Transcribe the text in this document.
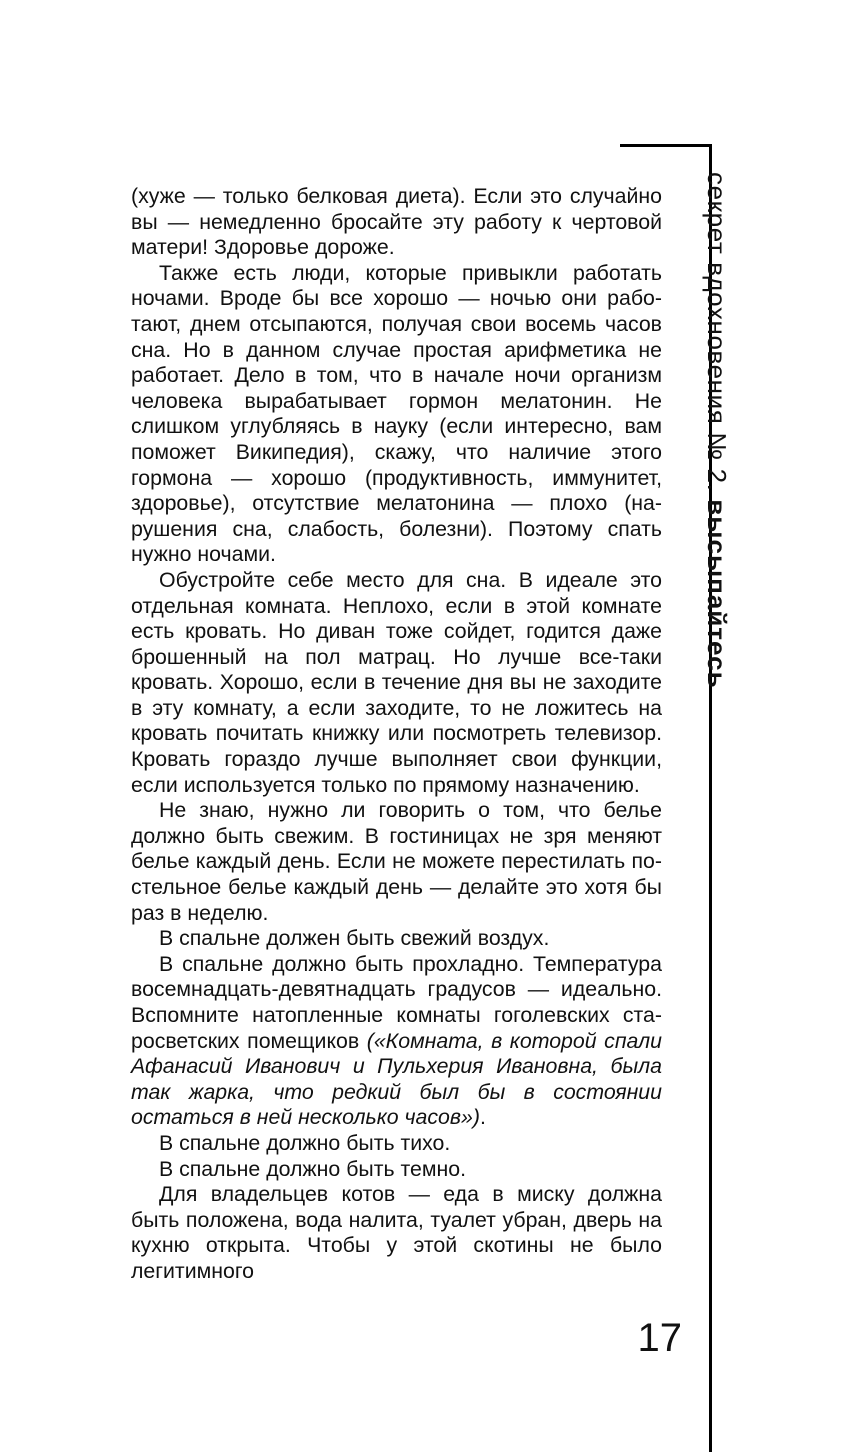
секрет вдохновения № 2. высыпайтесь

(хуже — только белковая диета). Если это случайно вы — немедленно бросайте эту работу к чертовой матери! Здоровье дороже.

Также есть люди, которые привыкли работать ночами. Вроде бы все хорошо — ночью они работают, днем отсыпаются, получая свои восемь часов сна. Но в данном случае простая арифметика не работает. Дело в том, что в начале ночи организм человека вырабатывает гормон мелатонин. Не слишком углубляясь в науку (если интересно, вам поможет Википедия), скажу, что наличие этого гормона — хорошо (продуктивность, иммунитет, здоровье), отсутствие мелатонина — плохо (нарушения сна, слабость, болезни). Поэтому спать нужно ночами.

Обустройте себе место для сна. В идеале это отдельная комната. Неплохо, если в этой комнате есть кровать. Но диван тоже сойдет, годится даже брошенный на пол матрац. Но лучше все-таки кровать. Хорошо, если в течение дня вы не заходите в эту комнату, а если заходите, то не ложитесь на кровать почитать книжку или посмотреть телевизор. Кровать гораздо лучше выполняет свои функции, если используется только по прямому назначению.

Не знаю, нужно ли говорить о том, что белье должно быть свежим. В гостиницах не зря меняют белье каждый день. Если не можете перестилать постельное белье каждый день — делайте это хотя бы раз в неделю.

В спальне должен быть свежий воздух.

В спальне должно быть прохладно. Температура восемнадцать-девятнадцать градусов — идеально. Вспомните натопленные комнаты гоголевских старосветских помещиков («Комната, в которой спали Афанасий Иванович и Пульхерия Ивановна, была так жарка, что редкий был бы в состоянии остаться в ней несколько часов»).

В спальне должно быть тихо.

В спальне должно быть темно.

Для владельцев котов — еда в миску должна быть положена, вода налита, туалет убран, дверь на кухню открыта. Чтобы у этой скотины не было легитимного

17
